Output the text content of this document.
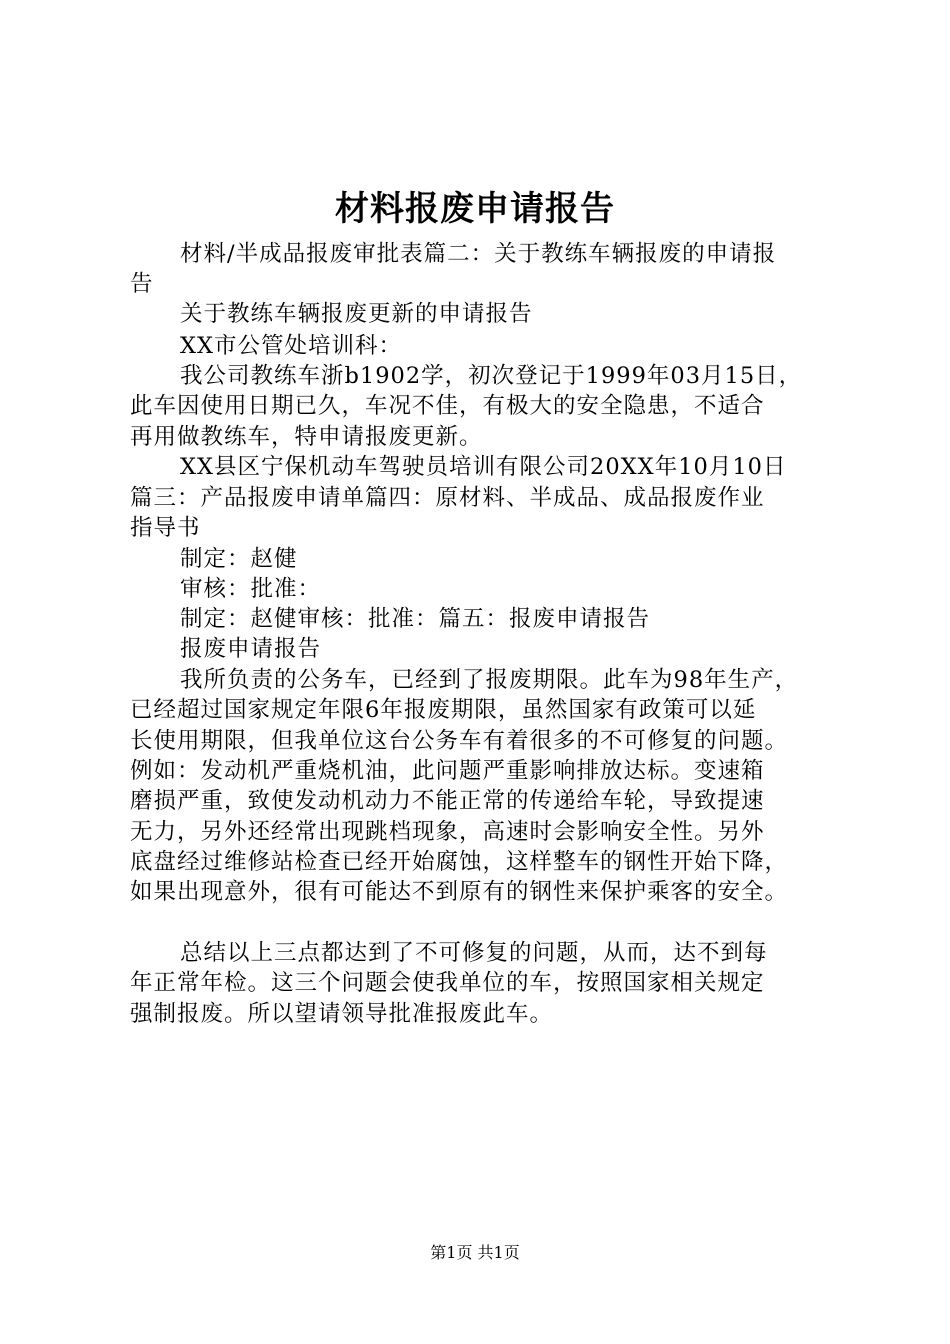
材料报废申请报告
材料/半成品报废审批表篇二：关于教练车辆报废的申请报
告
关于教练车辆报废更新的申请报告
XX市公管处培训科：
我公司教练车浙b1902学，初次登记于1999年03月15日，
此车因使用日期已久，车况不佳，有极大的安全隐患，不适合
再用做教练车，特申请报废更新。
XX县区宁保机动车驾驶员培训有限公司20XX年10月10日
篇三：产品报废申请单篇四：原材料、半成品、成品报废作业
指导书
制定：赵健
审核：批准：
制定：赵健审核：批准：篇五：报废申请报告
报废申请报告
我所负责的公务车，已经到了报废期限。此车为98年生产，
已经超过国家规定年限6年报废期限，虽然国家有政策可以延
长使用期限，但我单位这台公务车有着很多的不可修复的问题。
例如：发动机严重烧机油，此问题严重影响排放达标。变速箱
磨损严重，致使发动机动力不能正常的传递给车轮，导致提速
无力，另外还经常出现跳档现象，高速时会影响安全性。另外
底盘经过维修站检查已经开始腐蚀，这样整车的钢性开始下降，
如果出现意外，很有可能达不到原有的钢性来保护乘客的安全。
总结以上三点都达到了不可修复的问题，从而，达不到每
年正常年检。这三个问题会使我单位的车，按照国家相关规定
强制报废。所以望请领导批准报废此车。
第1页 共1页
